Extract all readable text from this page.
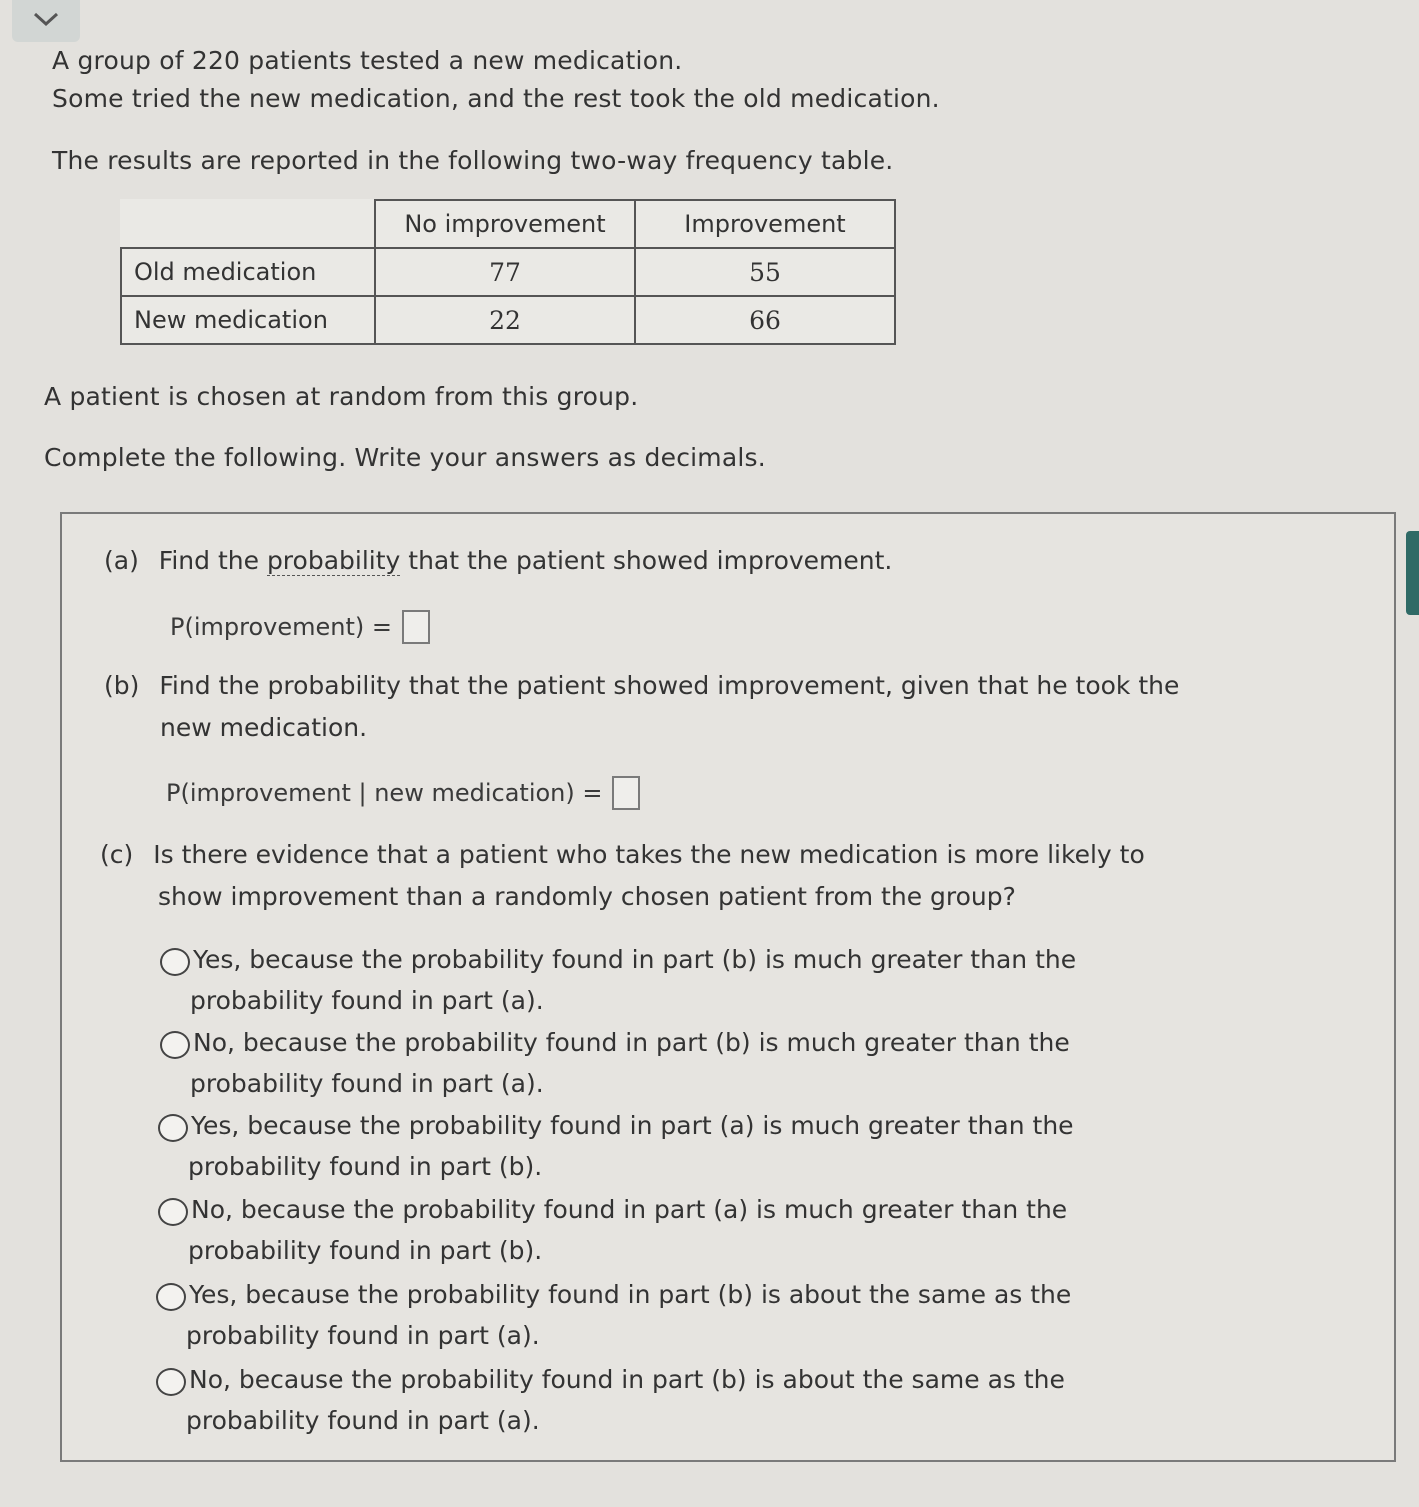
A group of 220 patients tested a new medication.
Some tried the new medication, and the rest took the old medication.
The results are reported in the following two-way frequency table.
	No improvement	Improvement
Old medication	77	55
New medication	22	66
A patient is chosen at random from this group.
Complete the following. Write your answers as decimals.
(a) Find the probability that the patient showed improvement.
P(improvement) =
(b) Find the probability that the patient showed improvement, given that he took the
new medication.
P(improvement | new medication) =
(c) Is there evidence that a patient who takes the new medication is more likely to
show improvement than a randomly chosen patient from the group?
Yes, because the probability found in part (b) is much greater than the
probability found in part (a).
No, because the probability found in part (b) is much greater than the
probability found in part (a).
Yes, because the probability found in part (a) is much greater than the
probability found in part (b).
No, because the probability found in part (a) is much greater than the
probability found in part (b).
Yes, because the probability found in part (b) is about the same as the
probability found in part (a).
No, because the probability found in part (b) is about the same as the
probability found in part (a).
